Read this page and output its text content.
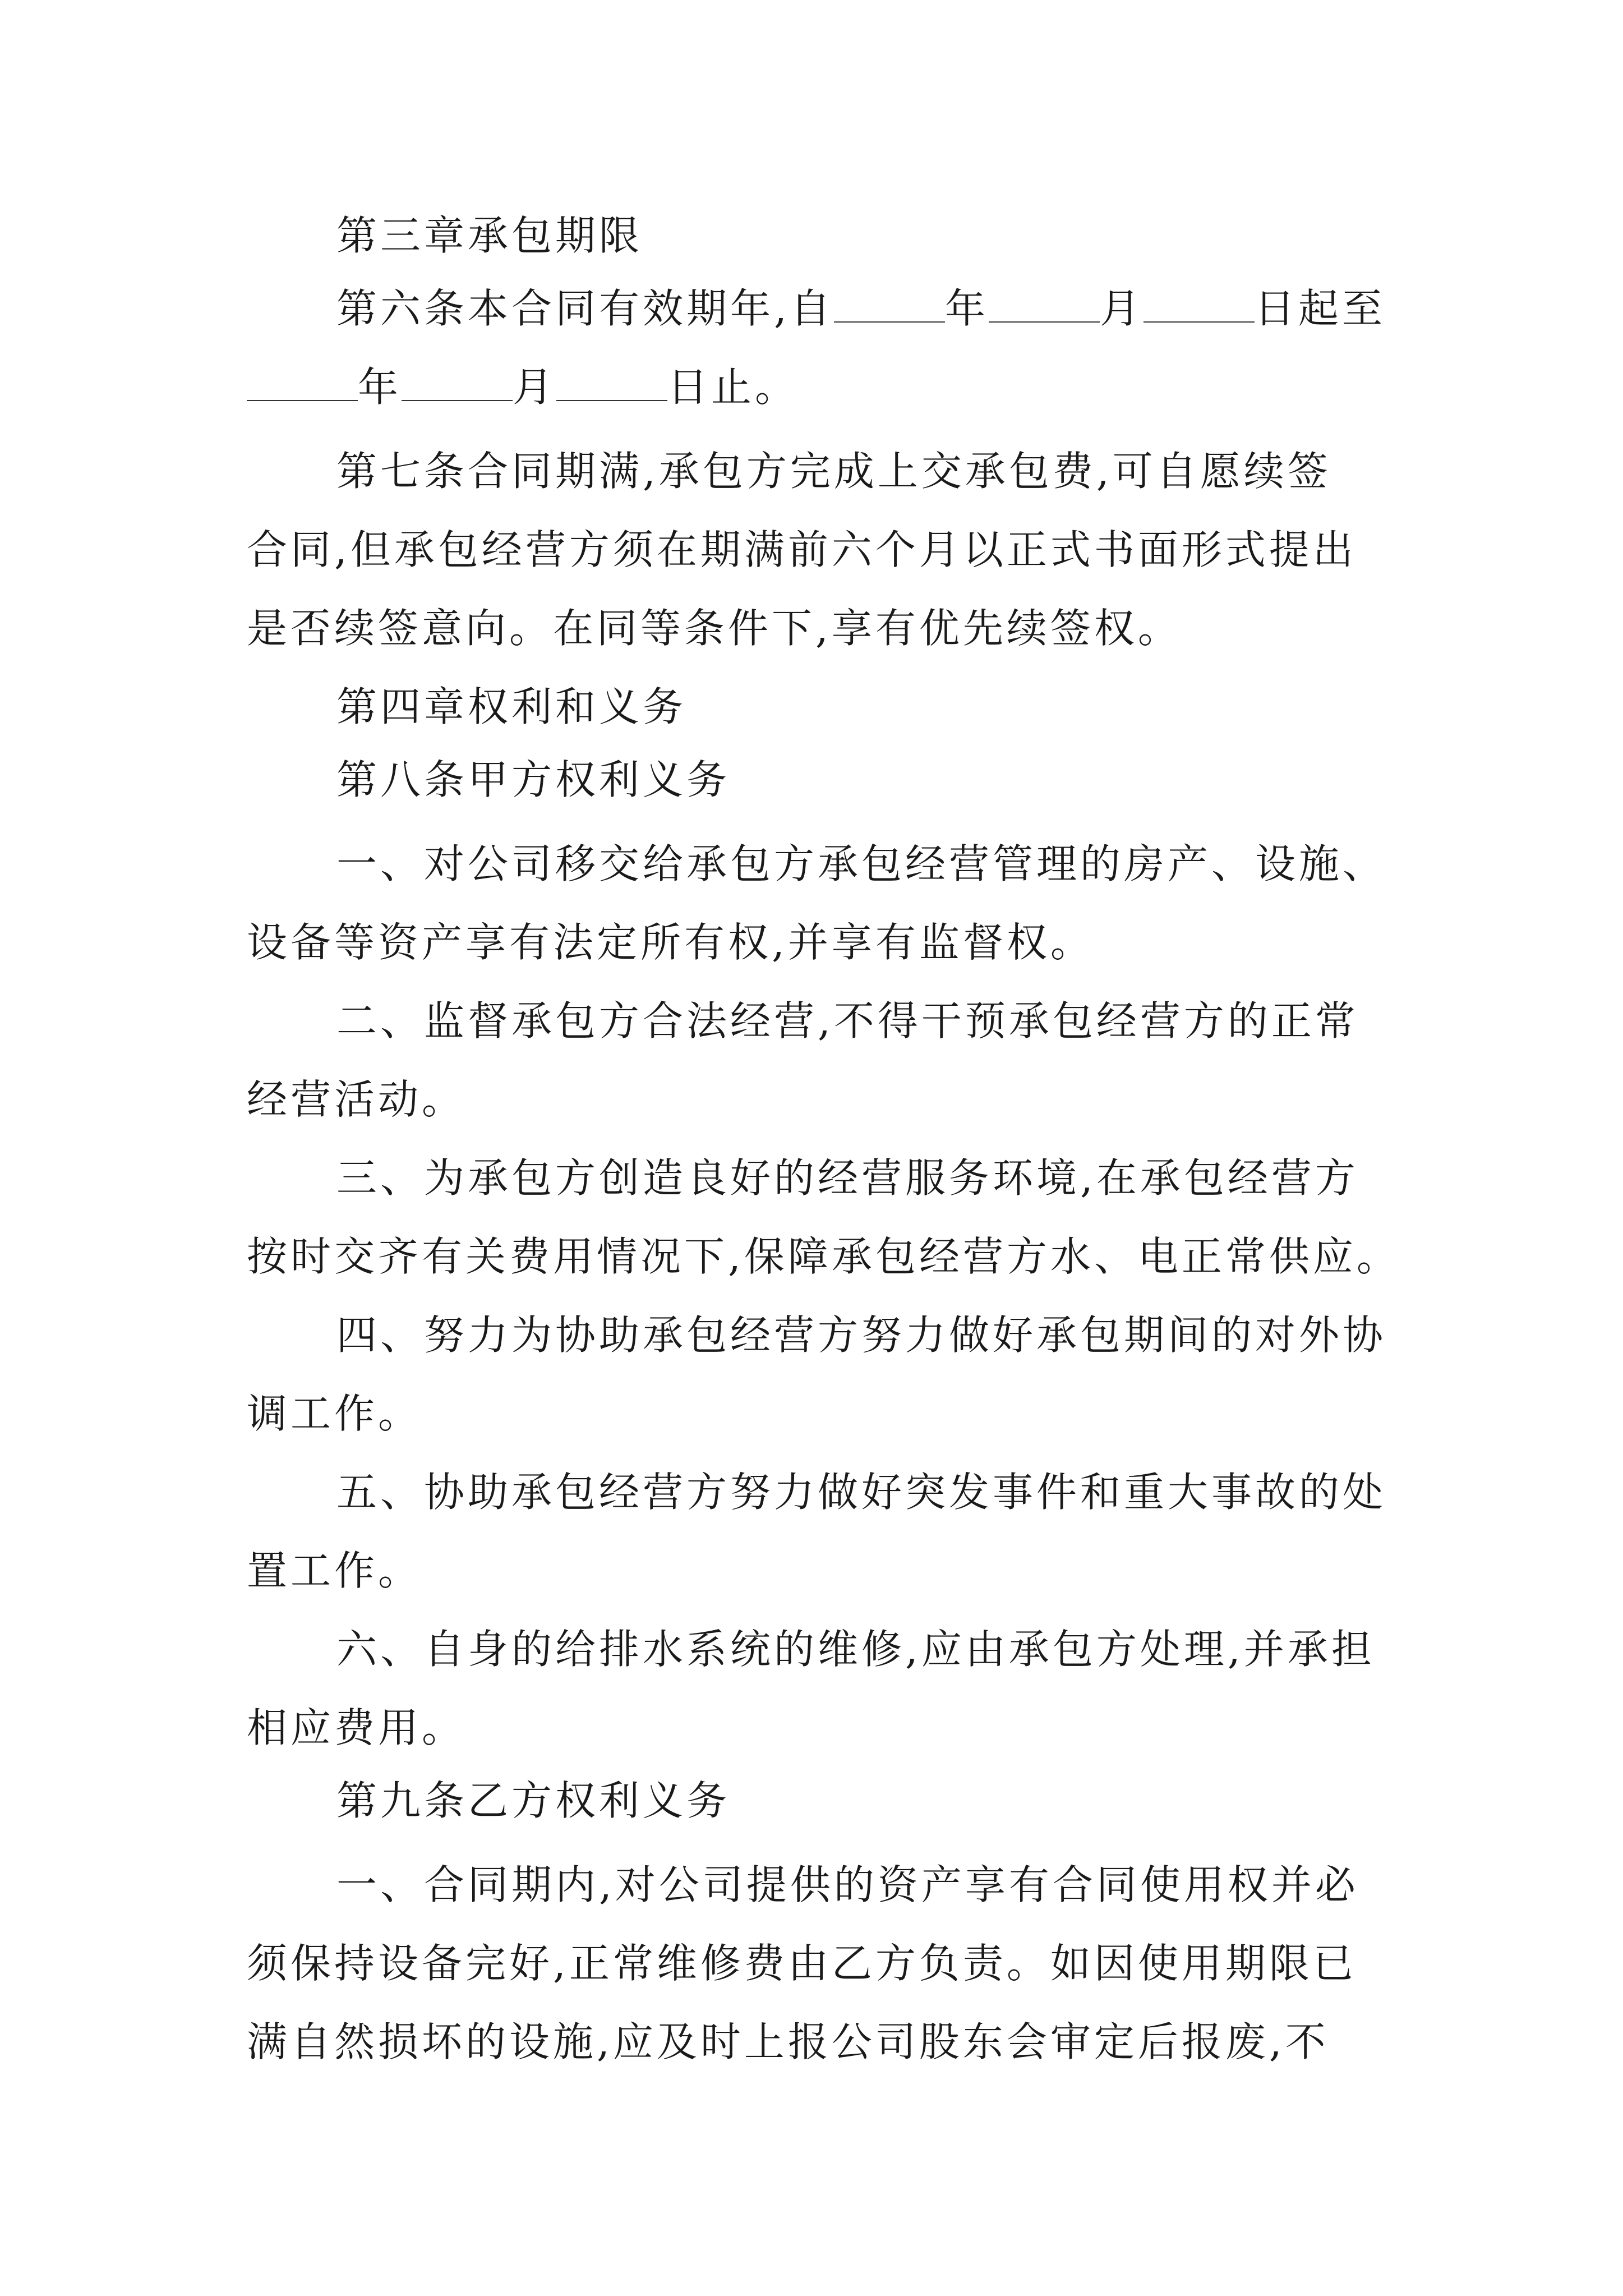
第三章承包期限
第六条本合同有效期年,自	年	月	日起至
年	月	日止。
第七条合同期满,承包方完成上交承包费,可自愿续签
合同,但承包经营方须在期满前六个月以正式书面形式提出
是否续签意向。在同等条件下,享有优先续签权。
第四章权利和义务
第八条甲方权利义务
一、对公司移交给承包方承包经营管理的房产、设施、
设备等资产享有法定所有权,并享有监督权。
二、监督承包方合法经营,不得干预承包经营方的正常
经营活动。
三、为承包方创造良好的经营服务环境,在承包经营方
按时交齐有关费用情况下,保障承包经营方水、电正常供应。
四、努力为协助承包经营方努力做好承包期间的对外协
调工作。
五、协助承包经营方努力做好突发事件和重大事故的处
置工作。
六、自身的给排水系统的维修,应由承包方处理,并承担
相应费用。
第九条乙方权利义务
一、合同期内,对公司提供的资产享有合同使用权并必
须保持设备完好,正常维修费由乙方负责。如因使用期限已
满自然损坏的设施,应及时上报公司股东会审定后报废,不
